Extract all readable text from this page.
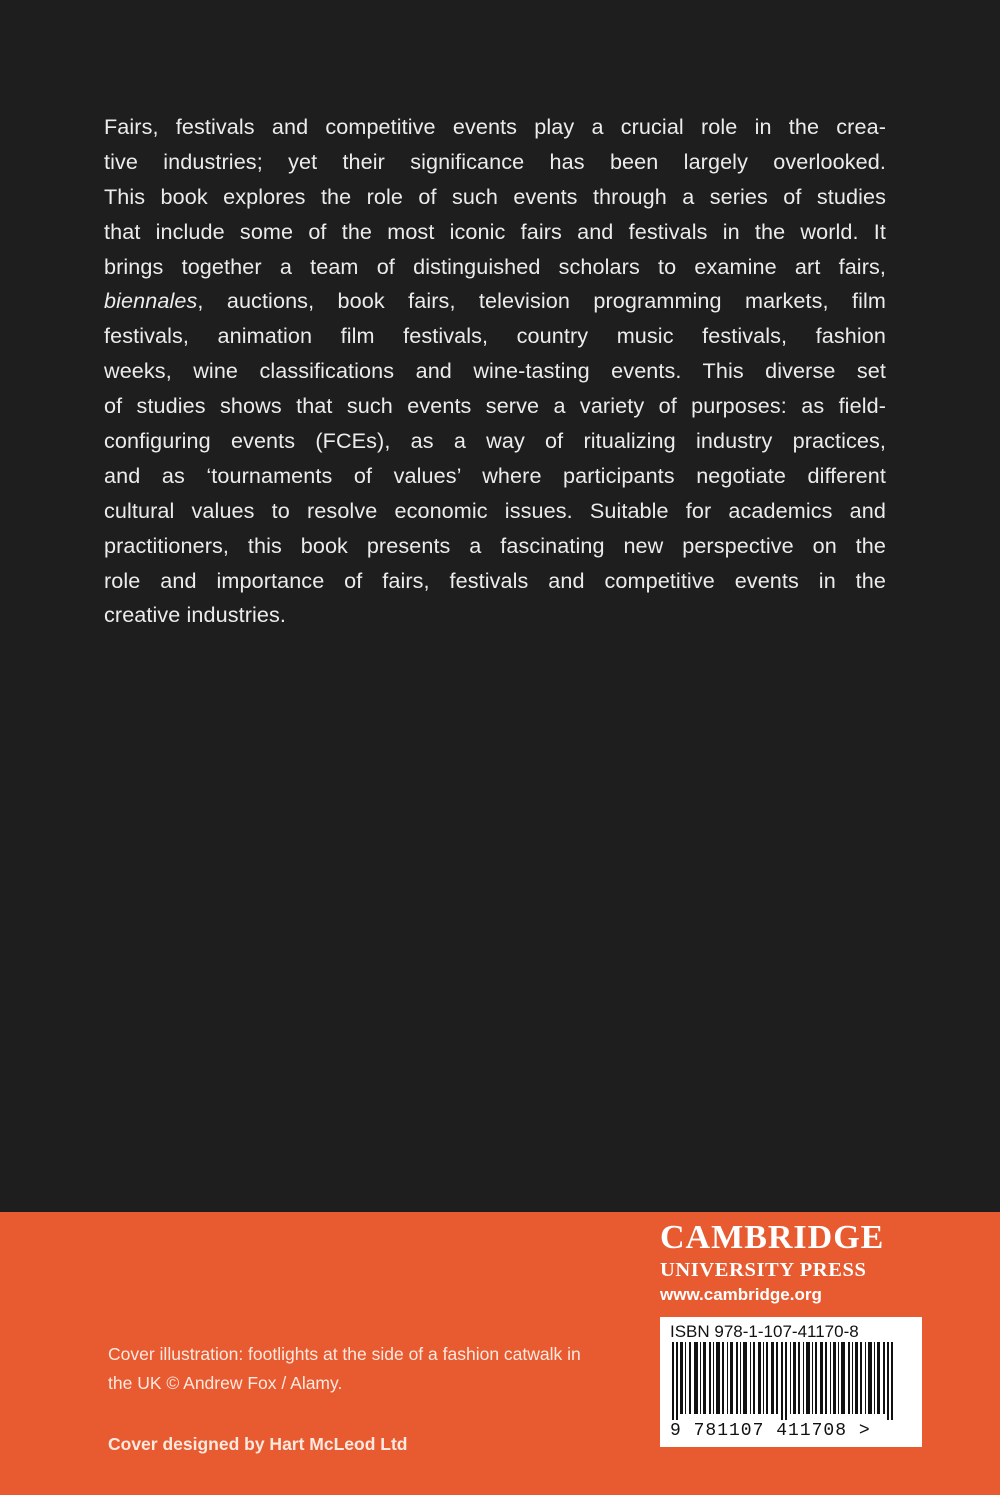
Fairs, festivals and competitive events play a crucial role in the crea-
tive industries; yet their significance has been largely overlooked.
This book explores the role of such events through a series of studies
that include some of the most iconic fairs and festivals in the world. It
brings together a team of distinguished scholars to examine art fairs,
biennales, auctions, book fairs, television programming markets, film
festivals, animation film festivals, country music festivals, fashion
weeks, wine classifications and wine-tasting events. This diverse set
of studies shows that such events serve a variety of purposes: as field-
configuring events (FCEs), as a way of ritualizing industry practices,
and as ‘tournaments of values’ where participants negotiate different
cultural values to resolve economic issues. Suitable for academics and
practitioners, this book presents a fascinating new perspective on the
role and importance of fairs, festivals and competitive events in the
creative industries.
Cover illustration: footlights at the side of a fashion catwalk in the UK © Andrew Fox / Alamy.
Cover designed by Hart McLeod Ltd
CAMBRIDGE
UNIVERSITY PRESS
www.cambridge.org
ISBN 978-1-107-41170-8
9 781107 411708 >
